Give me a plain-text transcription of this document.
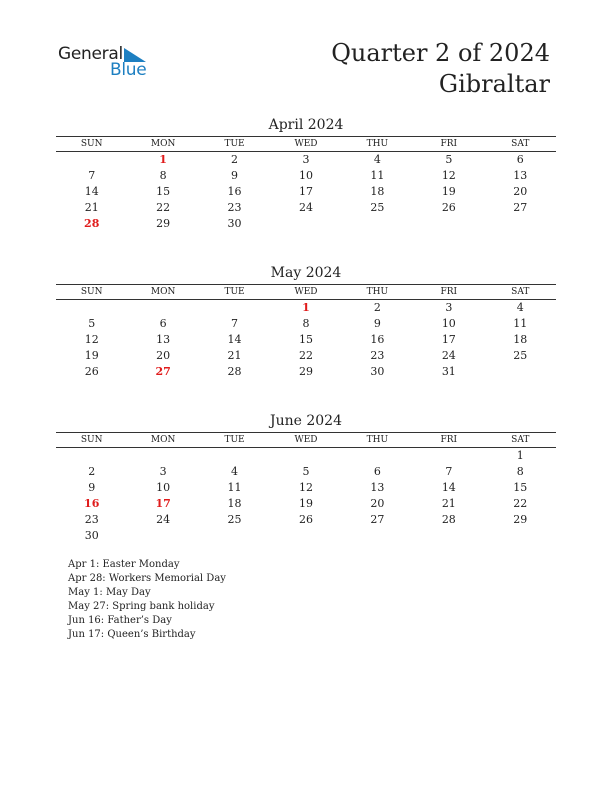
General
Blue
Quarter 2 of 2024
Gibraltar
April 2024
SUN	MON	TUE	WED	THU	FRI	SAT
	1	2	3	4	5	6
7	8	9	10	11	12	13
14	15	16	17	18	19	20
21	22	23	24	25	26	27
28	29	30				
May 2024
SUN	MON	TUE	WED	THU	FRI	SAT
			1	2	3	4
5	6	7	8	9	10	11
12	13	14	15	16	17	18
19	20	21	22	23	24	25
26	27	28	29	30	31	
June 2024
SUN	MON	TUE	WED	THU	FRI	SAT
						1
2	3	4	5	6	7	8
9	10	11	12	13	14	15
16	17	18	19	20	21	22
23	24	25	26	27	28	29
30						
Apr 1: Easter Monday
Apr 28: Workers Memorial Day
May 1: May Day
May 27: Spring bank holiday
Jun 16: Father’s Day
Jun 17: Queen’s Birthday
